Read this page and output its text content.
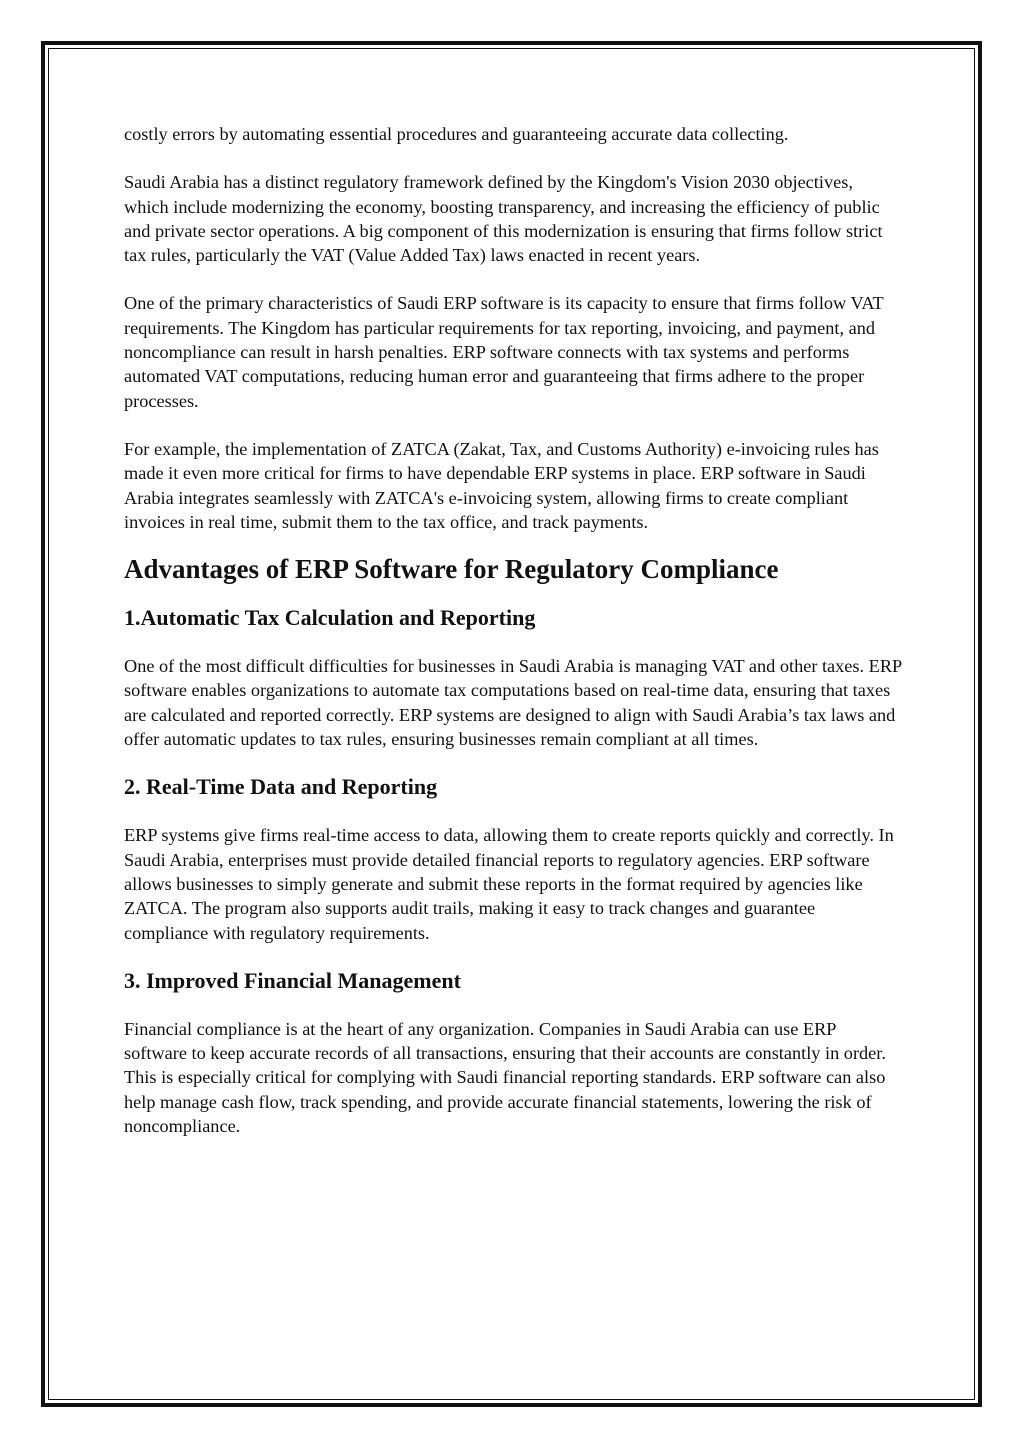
costly errors by automating essential procedures and guaranteeing accurate data collecting.

Saudi Arabia has a distinct regulatory framework defined by the Kingdom's Vision 2030 objectives, which include modernizing the economy, boosting transparency, and increasing the efficiency of public and private sector operations. A big component of this modernization is ensuring that firms follow strict tax rules, particularly the VAT (Value Added Tax) laws enacted in recent years.

One of the primary characteristics of Saudi ERP software is its capacity to ensure that firms follow VAT requirements. The Kingdom has particular requirements for tax reporting, invoicing, and payment, and noncompliance can result in harsh penalties. ERP software connects with tax systems and performs automated VAT computations, reducing human error and guaranteeing that firms adhere to the proper processes.

For example, the implementation of ZATCA (Zakat, Tax, and Customs Authority) e-invoicing rules has made it even more critical for firms to have dependable ERP systems in place. ERP software in Saudi Arabia integrates seamlessly with ZATCA's e-invoicing system, allowing firms to create compliant invoices in real time, submit them to the tax office, and track payments.

Advantages of ERP Software for Regulatory Compliance
1.Automatic Tax Calculation and Reporting

One of the most difficult difficulties for businesses in Saudi Arabia is managing VAT and other taxes. ERP software enables organizations to automate tax computations based on real-time data, ensuring that taxes are calculated and reported correctly. ERP systems are designed to align with Saudi Arabia’s tax laws and offer automatic updates to tax rules, ensuring businesses remain compliant at all times.

2. Real-Time Data and Reporting

ERP systems give firms real-time access to data, allowing them to create reports quickly and correctly. In Saudi Arabia, enterprises must provide detailed financial reports to regulatory agencies. ERP software allows businesses to simply generate and submit these reports in the format required by agencies like ZATCA. The program also supports audit trails, making it easy to track changes and guarantee compliance with regulatory requirements.

3. Improved Financial Management

Financial compliance is at the heart of any organization. Companies in Saudi Arabia can use ERP software to keep accurate records of all transactions, ensuring that their accounts are constantly in order. This is especially critical for complying with Saudi financial reporting standards. ERP software can also help manage cash flow, track spending, and provide accurate financial statements, lowering the risk of noncompliance.
